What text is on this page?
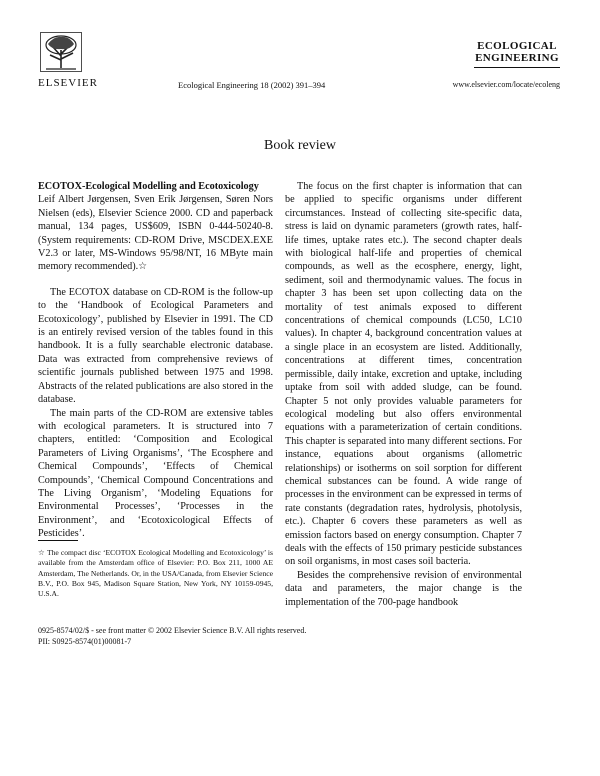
ELSEVIER	Ecological Engineering 18 (2002) 391–394
ECOLOGICAL
ENGINEERING
www.elsevier.com/locate/ecoleng
Book review
ECOTOX-Ecological Modelling and Ecotoxicology
Leif Albert Jørgensen, Sven Erik Jørgensen, Søren Nors Nielsen (eds), Elsevier Science 2000. CD and paperback manual, 134 pages, US$609, ISBN 0-444-50240-8. (System requirements: CD-ROM Drive, MSCDEX.EXE V2.3 or later, MS-Windows 95/98/NT, 16 MByte main memory recommended).☆

The ECOTOX database on CD-ROM is the follow-up to the ‘Handbook of Ecological Parameters and Ecotoxicology’, published by Elsevier in 1991. The CD is an entirely revised version of the tables found in this handbook. It is a fully searchable electronic database. Data was extracted from comprehensive reviews of scientific journals published between 1975 and 1998. Abstracts of the related publications are also stored in the database.

The main parts of the CD-ROM are extensive tables with ecological parameters. It is structured into 7 chapters, entitled: ‘Composition and Ecological Parameters of Living Organisms’, ‘The Ecosphere and Chemical Compounds’, ‘Effects of Chemical Compounds’, ‘Chemical Compound Concentrations and The Living Organism’, ‘Modeling Equations for Environmental Processes’, ‘Processes in the Environment’, and ‘Ecotoxicological Effects of Pesticides’.

☆ The compact disc ‘ECOTOX Ecological Modelling and Ecotoxicology’ is available from the Amsterdam office of Elsevier: P.O. Box 211, 1000 AE Amsterdam, The Netherlands. Or, in the USA/Canada, from Elsevier Science B.V., P.O. Box 945, Madison Square Station, New York, NY 10159-0945, U.S.A.

The focus on the first chapter is information that can be applied to specific organisms under different circumstances. Instead of collecting site-specific data, stress is laid on dynamic parameters (growth rates, half-life times, uptake rates etc.). The second chapter deals with biological half-life and properties of chemical compounds, as well as the ecosphere, energy, light, sediment, soil and thermodynamic values. The focus in chapter 3 has been set upon collecting data on the mortality of test animals exposed to different concentrations of chemical compounds (LC50, LC10 values). In chapter 4, background concentration values at a single place in an ecosystem are listed. Additionally, concentrations at different times, concentration permissible, daily intake, excretion and uptake, including uptake from soil with added sludge, can be found. Chapter 5 not only provides valuable parameters for ecological modeling but also offers environmental equations with a parameterization of certain conditions. This chapter is separated into many different sections. For instance, equations about organisms (allometric relationships) or isotherms on soil sorption for different chemical substances can be found. A wide range of processes in the environment can be expressed in terms of rate constants (degradation rates, hydrolysis, photolysis, etc.). Chapter 6 covers these parameters as well as emission factors based on energy consumption. Chapter 7 deals with the effects of 150 primary pesticide substances on soil organisms, in most cases soil bacteria.

Besides the comprehensive revision of environmental data and parameters, the major change is the implementation of the 700-page handbook

0925-8574/02/$ - see front matter © 2002 Elsevier Science B.V. All rights reserved.
PII: S0925-8574(01)00081-7
